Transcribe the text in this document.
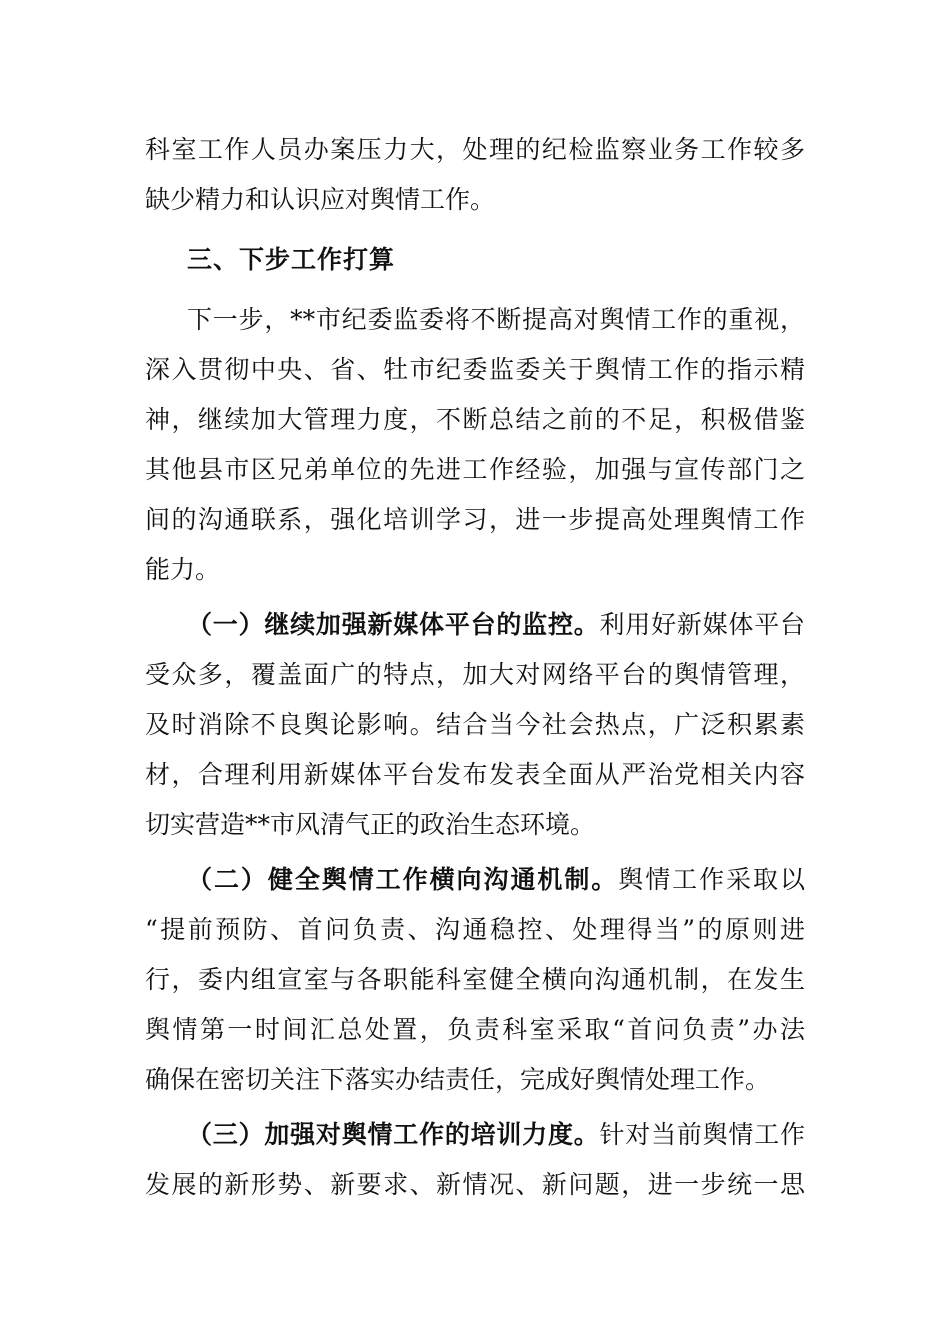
科室工作人员办案压力大，处理的纪检监察业务工作较多

缺少精力和认识应对舆情工作。

三、下步工作打算

下一步，**市纪委监委将不断提高对舆情工作的重视，

深入贯彻中央、省、牡市纪委监委关于舆情工作的指示精

神，继续加大管理力度，不断总结之前的不足，积极借鉴

其他县市区兄弟单位的先进工作经验，加强与宣传部门之

间的沟通联系，强化培训学习，进一步提高处理舆情工作

能力。

（一）继续加强新媒体平台的监控。利用好新媒体平台

受众多，覆盖面广的特点，加大对网络平台的舆情管理，

及时消除不良舆论影响。结合当今社会热点，广泛积累素

材，合理利用新媒体平台发布发表全面从严治党相关内容

切实营造**市风清气正的政治生态环境。

（二）健全舆情工作横向沟通机制。舆情工作采取以

“提前预防、首问负责、沟通稳控、处理得当”的原则进

行，委内组宣室与各职能科室健全横向沟通机制，在发生

舆情第一时间汇总处置，负责科室采取“首问负责”办法

确保在密切关注下落实办结责任，完成好舆情处理工作。

（三）加强对舆情工作的培训力度。针对当前舆情工作

发展的新形势、新要求、新情况、新问题，进一步统一思
